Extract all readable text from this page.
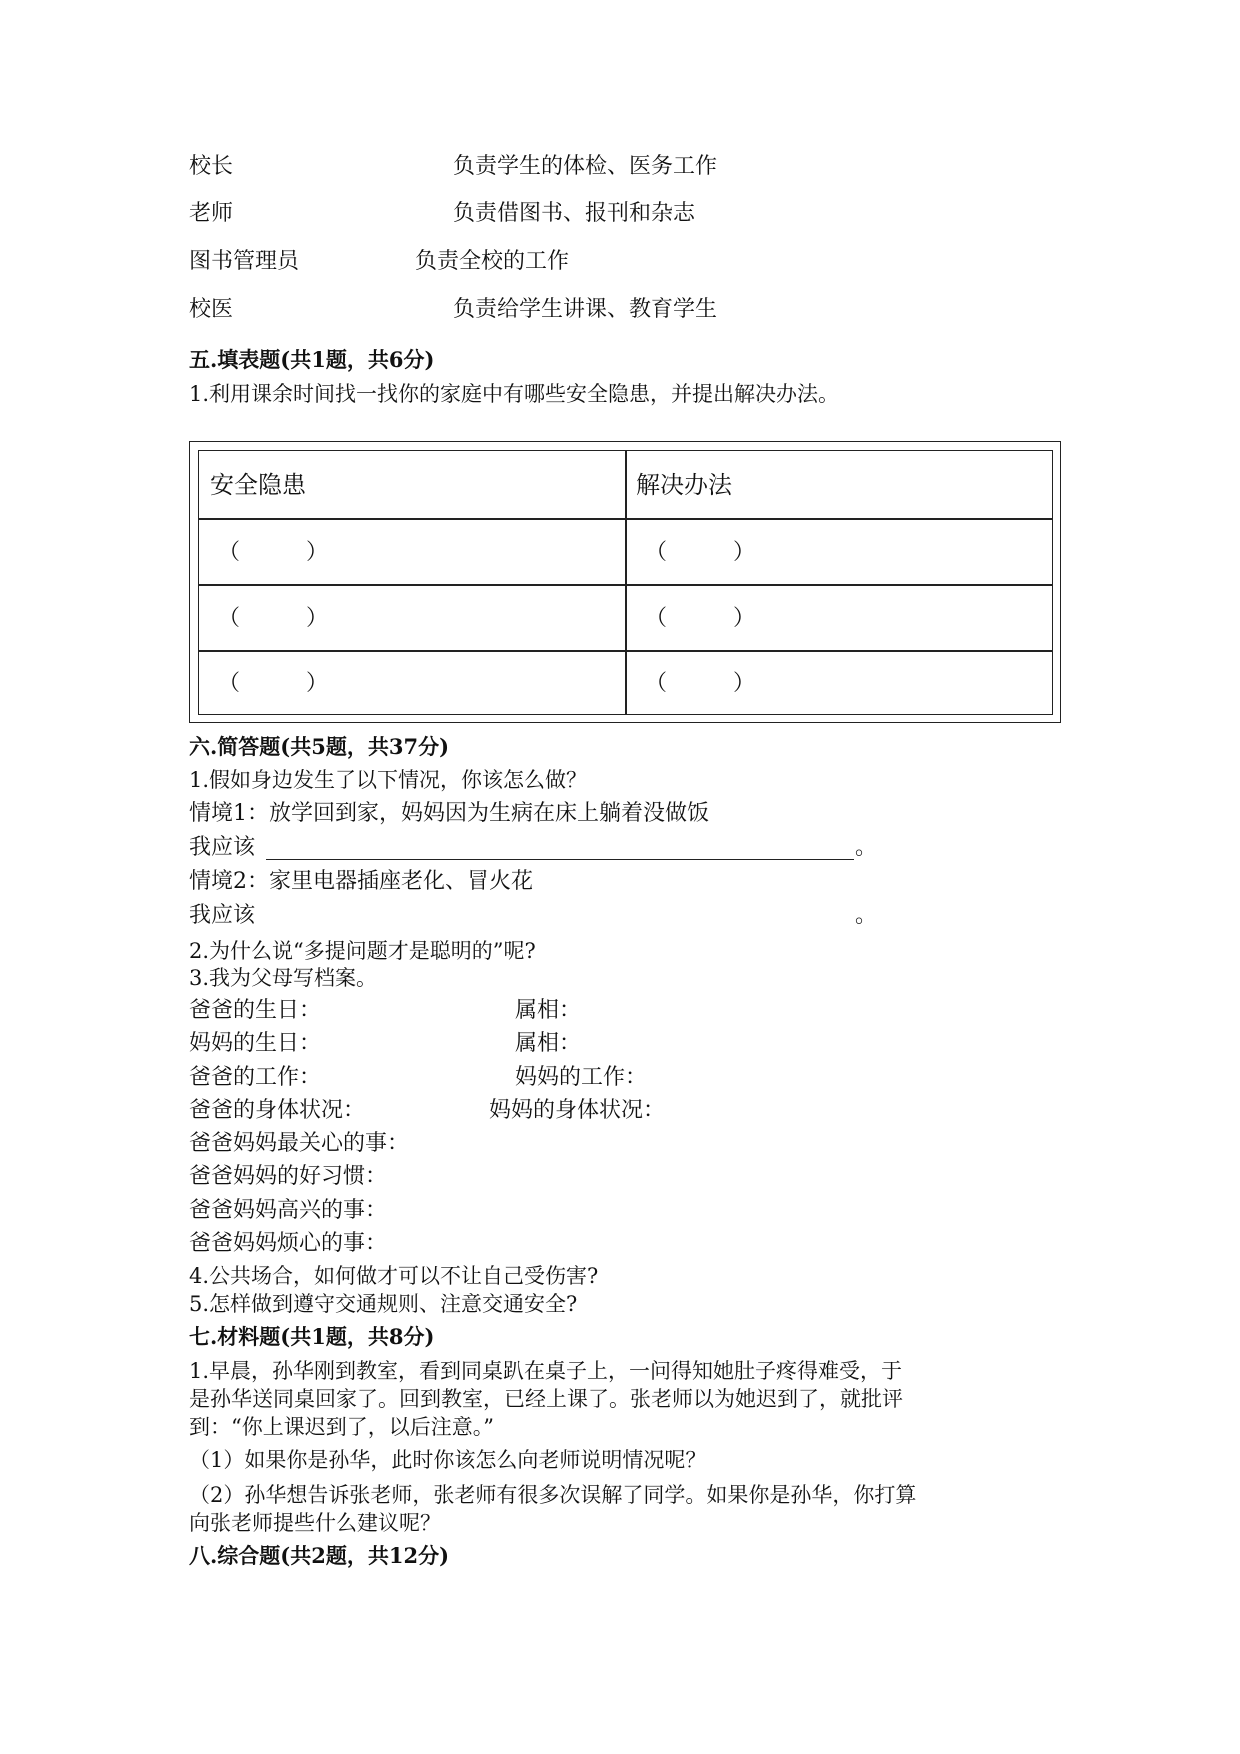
校长	负责学生的体检、医务工作
老师	负责借图书、报刊和杂志
图书管理员	负责全校的工作
校医	负责给学生讲课、教育学生
五.填表题(共1题，共6分)
1.利用课余时间找一找你的家庭中有哪些安全隐患，并提出解决办法。
安全隐患	解决办法
（　　　）	（　　　）
（　　　）	（　　　）
（　　　）	（　　　）
六.简答题(共5题，共37分)
1.假如身边发生了以下情况，你该怎么做？
情境1：放学回到家，妈妈因为生病在床上躺着没做饭
我应该	。
情境2：家里电器插座老化、冒火花
我应该	。
2.为什么说“多提问题才是聪明的”呢?
3.我为父母写档案。
爸爸的生日：	属相：
妈妈的生日：	属相：
爸爸的工作：	妈妈的工作：
爸爸的身体状况：	妈妈的身体状况：
爸爸妈妈最关心的事：
爸爸妈妈的好习惯：
爸爸妈妈高兴的事：
爸爸妈妈烦心的事：
4.公共场合，如何做才可以不让自己受伤害?
5.怎样做到遵守交通规则、注意交通安全?
七.材料题(共1题，共8分)
1.早晨，孙华刚到教室，看到同桌趴在桌子上，一问得知她肚子疼得难受，于
是孙华送同桌回家了。回到教室，已经上课了。张老师以为她迟到了，就批评
到：“你上课迟到了，以后注意。”
（1）如果你是孙华，此时你该怎么向老师说明情况呢？
（2）孙华想告诉张老师，张老师有很多次误解了同学。如果你是孙华，你打算
向张老师提些什么建议呢？
八.综合题(共2题，共12分)
